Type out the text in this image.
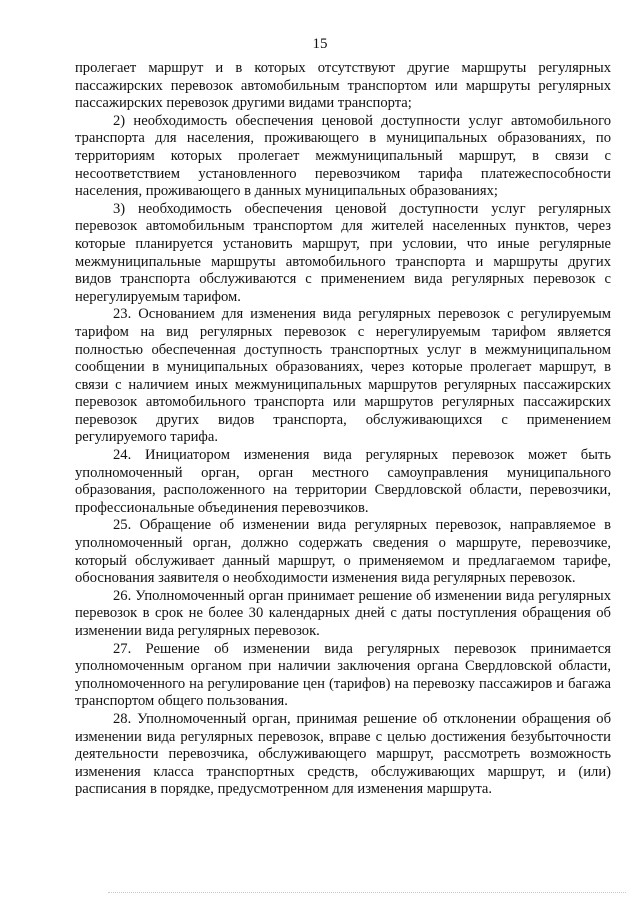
15

пролегает маршрут и в которых отсутствуют другие маршруты регулярных пассажирских перевозок автомобильным транспортом или маршруты регулярных пассажирских перевозок другими видами транспорта;

2) необходимость обеспечения ценовой доступности услуг автомобильного транспорта для населения, проживающего в муниципальных образованиях, по территориям которых пролегает межмуниципальный маршрут, в связи с несоответствием установленного перевозчиком тарифа платежеспособности населения, проживающего в данных муниципальных образованиях;

3) необходимость обеспечения ценовой доступности услуг регулярных перевозок автомобильным транспортом для жителей населенных пунктов, через которые планируется установить маршрут, при условии, что иные регулярные межмуниципальные маршруты автомобильного транспорта и маршруты других видов транспорта обслуживаются с применением вида регулярных перевозок с нерегулируемым тарифом.

23. Основанием для изменения вида регулярных перевозок с регулируемым тарифом на вид регулярных перевозок с нерегулируемым тарифом является полностью обеспеченная доступность транспортных услуг в межмуниципальном сообщении в муниципальных образованиях, через которые пролегает маршрут, в связи с наличием иных межмуниципальных маршрутов регулярных пассажирских перевозок автомобильного транспорта или маршрутов регулярных пассажирских перевозок других видов транспорта, обслуживающихся с применением регулируемого тарифа.

24. Инициатором изменения вида регулярных перевозок может быть уполномоченный орган, орган местного самоуправления муниципального образования, расположенного на территории Свердловской области, перевозчики, профессиональные объединения перевозчиков.

25. Обращение об изменении вида регулярных перевозок, направляемое в уполномоченный орган, должно содержать сведения о маршруте, перевозчике, который обслуживает данный маршрут, о применяемом и предлагаемом тарифе, обоснования заявителя о необходимости изменения вида регулярных перевозок.

26. Уполномоченный орган принимает решение об изменении вида регулярных перевозок в срок не более 30 календарных дней с даты поступления обращения об изменении вида регулярных перевозок.

27. Решение об изменении вида регулярных перевозок принимается уполномоченным органом при наличии заключения органа Свердловской области, уполномоченного на регулирование цен (тарифов) на перевозку пассажиров и багажа транспортом общего пользования.

28. Уполномоченный орган, принимая решение об отклонении обращения об изменении вида регулярных перевозок, вправе с целью достижения безубыточности деятельности перевозчика, обслуживающего маршрут, рассмотреть возможность изменения класса транспортных средств, обслуживающих маршрут, и (или) расписания в порядке, предусмотренном для изменения маршрута.
